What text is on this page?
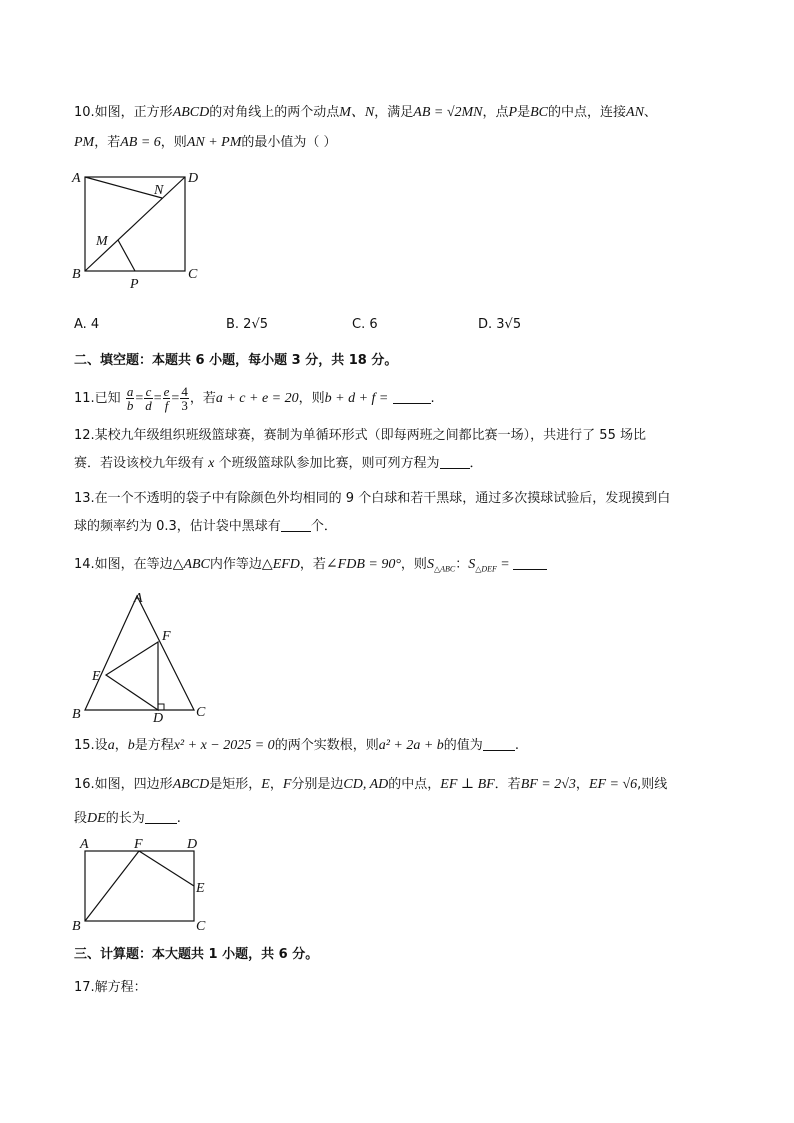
10.如图，正方形ABCD的对角线上的两个动点M、N，满足AB = √2MN，点P是BC的中点，连接AN、
PM，若AB = 6，则AN + PM的最小值为（ ）
A	D
N
M
B	C
P
A. 4	B. 2√5	C. 6	D. 3√5
二、填空题：本题共 6 小题，每小题 3 分，共 18 分。
11.已知 $\frac{a}{b} = \frac{c}{d} = \frac{e}{f} = \frac{4}{3}$ ，若a + c + e = 20，则b + d + f =	.
12.某校九年级组织班级篮球赛，赛制为单循环形式（即每两班之间都比赛一场），共进行了 55 场比
赛．若设该校九年级有 x 个班级篮球队参加比赛，则可列方程为 ．
13.在一个不透明的袋子中有除颜色外均相同的 9 个白球和若干黑球，通过多次摸球试验后，发现摸到白
球的频率约为 0.3，估计袋中黑球有 个．
14.如图，在等边△ABC内作等边△EFD，若∠FDB = 90°，则$S_{\triangle ABC}$：$S_{\triangle DEF}$ =
A
F
E
B	D C
15.设a，b是方程x² + x − 2025 = 0的两个实数根，则a² + 2a + b的值为 .
16.如图，四边形ABCD是矩形，E，F分别是边CD, AD的中点，EF ⊥ BF．若BF = 2√3，EF = √6,则线
段DE的长为 .
A	F	D
E
B	C
三、计算题：本大题共 1 小题，共 6 分。
17.解方程：
